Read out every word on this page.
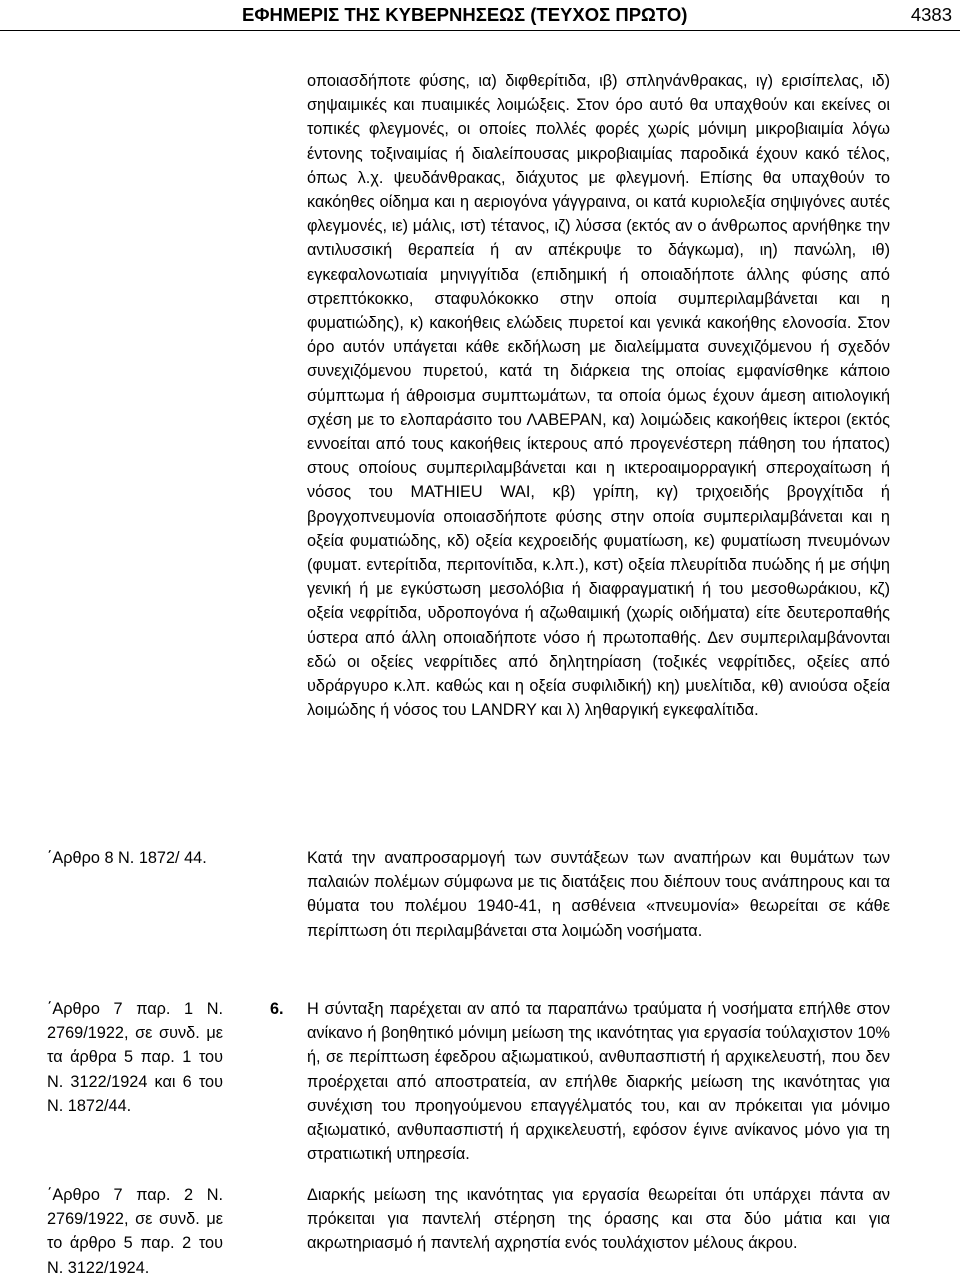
ΕΦΗΜΕΡΙΣ ΤΗΣ ΚΥΒΕΡΝΗΣΕΩΣ (ΤΕΥΧΟΣ ΠΡΩΤΟ)	4383
οποιασδήποτε φύσης, ια) διφθερίτιδα, ιβ) σπληνάνθρακας, ιγ) ερισίπελας, ιδ) σηψαιμικές και πυαιμικές λοιμώξεις. Στον όρο αυτό θα υπαχθούν και εκείνες οι τοπικές φλεγμονές, οι οποίες πολλές φορές χωρίς μόνιμη μικροβιαιμία λόγω έντονης τοξιναιμίας ή διαλείπουσας μικροβιαιμίας παροδικά έχουν κακό τέλος, όπως λ.χ. ψευδάνθρακας, διάχυτος με φλεγμονή. Επίσης θα υπαχθούν το κακόηθες οίδημα και η αεριογόνα γάγγραινα, οι κατά κυριολεξία σηψιγόνες αυτές φλεγμονές, ιε) μάλις, ιστ) τέτανος, ιζ) λύσσα (εκτός αν ο άνθρωπος αρνήθηκε την αντιλυσσική θεραπεία ή αν απέκρυψε το δάγκωμα), ιη) πανώλη, ιθ) εγκεφαλονωτιαία μηνιγγίτιδα (επιδημική ή οποιαδήποτε άλλης φύσης από στρεπτόκοκκο, σταφυλόκοκκο στην οποία συμπεριλαμβάνεται και η φυματιώδης), κ) κακοήθεις ελώδεις πυρετοί και γενικά κακοήθης ελονοσία. Στον όρο αυτόν υπάγεται κάθε εκδήλωση με διαλείμματα συνεχιζόμενου ή σχεδόν συνεχιζόμενου πυρετού, κατά τη διάρκεια της οποίας εμφανίσθηκε κάποιο σύμπτωμα ή άθροισμα συμπτωμάτων, τα οποία όμως έχουν άμεση αιτιολογική σχέση με το ελοπαράσιτο του ΛΑΒΕΡΑΝ, κα) λοιμώδεις κακοήθεις ίκτεροι (εκτός εννοείται από τους κακοήθεις ίκτερους από προγενέστερη πάθηση του ήπατος) στους οποίους συμπεριλαμβάνεται και η ικτεροαιμορραγική σπεροχαίτωση ή νόσος του MATHIEU WAI, κβ) γρίπη, κγ) τριχοειδής βρογχίτιδα ή βρογχοπνευμονία οποιασδήποτε φύσης στην οποία συμπεριλαμβάνεται και η οξεία φυματιώδης, κδ) οξεία κεχροειδής φυματίωση, κε) φυματίωση πνευμόνων (φυματ. εντερίτιδα, περιτονίτιδα, κ.λπ.), κστ) οξεία πλευρίτιδα πυώδης ή με σήψη γενική ή με εγκύστωση μεσολόβια ή διαφραγματική ή του μεσοθωράκιου, κζ) οξεία νεφρίτιδα, υδροπογόνα ή αζωθαιμική (χωρίς οιδήματα) είτε δευτεροπαθής ύστερα από άλλη οποιαδήποτε νόσο ή πρωτοπαθής. Δεν συμπεριλαμβάνονται εδώ οι οξείες νεφρίτιδες από δηλητηρίαση (τοξικές νεφρίτιδες, οξείες από υδράργυρο κ.λπ. καθώς και η οξεία συφιλιδική) κη) μυελίτιδα, κθ) ανιούσα οξεία λοιμώδης ή νόσος του LANDRY και λ) ληθαργική εγκεφαλίτιδα.
΄Αρθρο 8 Ν. 1872/ 44.	Κατά την αναπροσαρμογή των συντάξεων των αναπήρων και θυμάτων των παλαιών πολέμων σύμφωνα με τις διατάξεις που διέπουν τους ανάπηρους και τα θύματα του πολέμου 1940-41, η ασθένεια «πνευμονία» θεωρείται σε κάθε περίπτωση ότι περιλαμβάνεται στα λοιμώδη νοσήματα.
΄Αρθρο 7 παρ. 1 Ν. 2769/1922, σε συνδ. με τα άρθρα 5 παρ. 1 του Ν. 3122/1924 και 6 του Ν. 1872/44.
6. Η σύνταξη παρέχεται αν από τα παραπάνω τραύματα ή νοσήματα επήλθε στον ανίκανο ή βοηθητικό μόνιμη μείωση της ικανότητας για εργασία τούλαχιστον 10% ή, σε περίπτωση έφεδρου αξιωματικού, ανθυπασπιστή ή αρχικελευστή, που δεν προέρχεται από αποστρατεία, αν επήλθε διαρκής μείωση της ικανότητας για συνέχιση του προηγούμενου επαγγέλματός του, και αν πρόκειται για μόνιμο αξιωματικό, ανθυπασπιστή ή αρχικελευστή, εφόσον έγινε ανίκανος μόνο για τη στρατιωτική υπηρεσία.
΄Αρθρο 7 παρ. 2 Ν. 2769/1922, σε συνδ. με το άρθρο 5 παρ. 2 του Ν. 3122/1924.
Διαρκής μείωση της ικανότητας για εργασία θεωρείται ότι υπάρχει πάντα αν πρόκειται για παντελή στέρηση της όρασης και στα δύο μάτια και για ακρωτηριασμό ή παντελή αχρηστία ενός τουλάχιστον μέλους άκρου.
